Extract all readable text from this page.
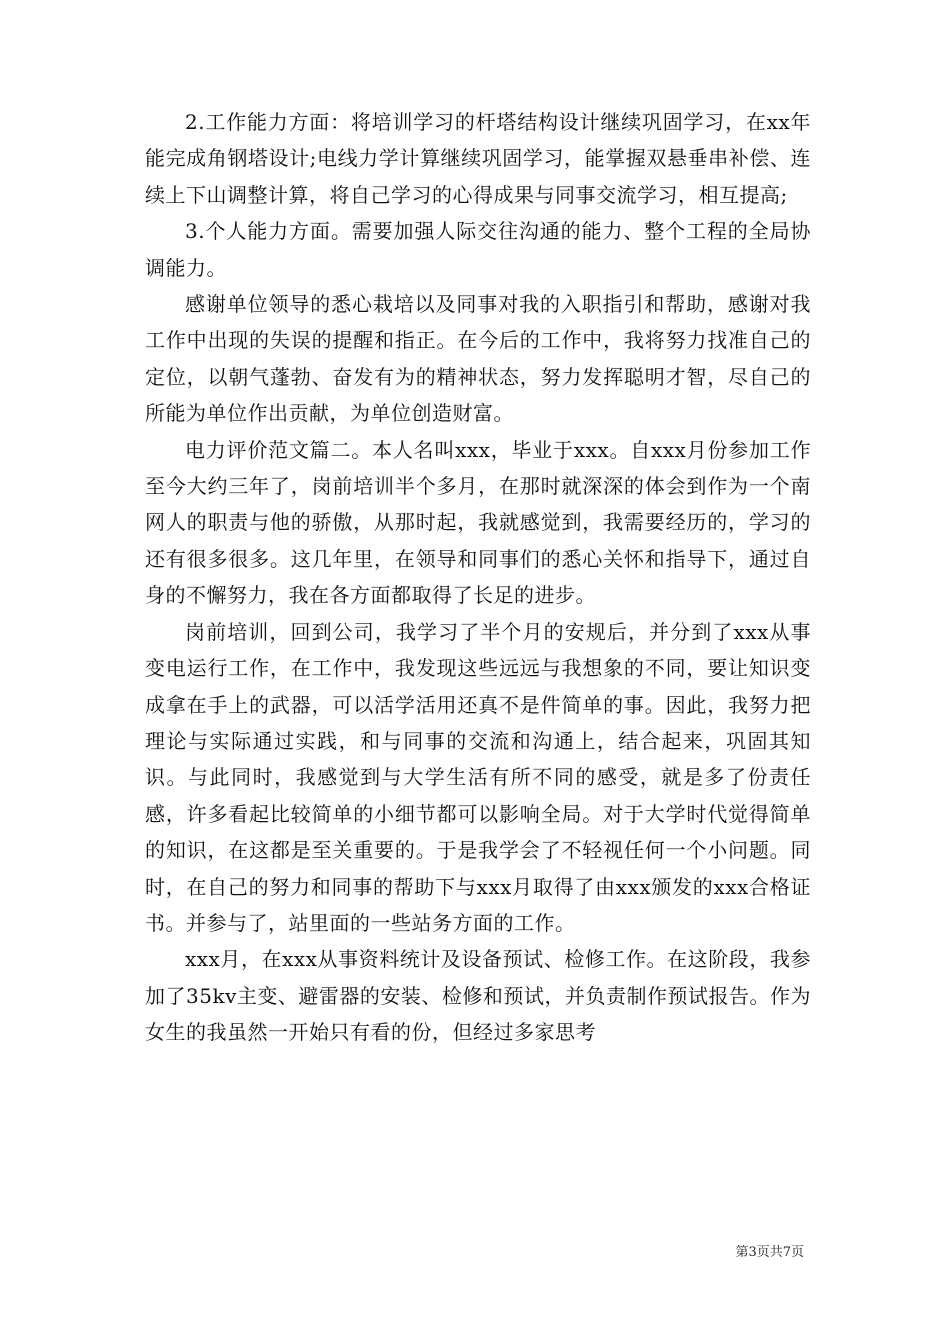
2.工作能力方面：将培训学习的杆塔结构设计继续巩固学习，在xx年能完成角钢塔设计;电线力学计算继续巩固学习，能掌握双悬垂串补偿、连续上下山调整计算，将自己学习的心得成果与同事交流学习，相互提高;

3.个人能力方面。需要加强人际交往沟通的能力、整个工程的全局协调能力。

感谢单位领导的悉心栽培以及同事对我的入职指引和帮助，感谢对我工作中出现的失误的提醒和指正。在今后的工作中，我将努力找准自己的定位，以朝气蓬勃、奋发有为的精神状态，努力发挥聪明才智，尽自己的所能为单位作出贡献，为单位创造财富。

电力评价范文篇二。本人名叫xxx，毕业于xxx。自xxx月份参加工作至今大约三年了，岗前培训半个多月，在那时就深深的体会到作为一个南网人的职责与他的骄傲，从那时起，我就感觉到，我需要经历的，学习的还有很多很多。这几年里，在领导和同事们的悉心关怀和指导下，通过自身的不懈努力，我在各方面都取得了长足的进步。

岗前培训，回到公司，我学习了半个月的安规后，并分到了xxx从事变电运行工作，在工作中，我发现这些远远与我想象的不同，要让知识变成拿在手上的武器，可以活学活用还真不是件简单的事。因此，我努力把理论与实际通过实践，和与同事的交流和沟通上，结合起来，巩固其知识。与此同时，我感觉到与大学生活有所不同的感受，就是多了份责任感，许多看起比较简单的小细节都可以影响全局。对于大学时代觉得简单的知识，在这都是至关重要的。于是我学会了不轻视任何一个小问题。同时，在自己的努力和同事的帮助下与xxx月取得了由xxx颁发的xxx合格证书。并参与了，站里面的一些站务方面的工作。

xxx月，在xxx从事资料统计及设备预试、检修工作。在这阶段，我参加了35kv主变、避雷器的安装、检修和预试，并负责制作预试报告。作为女生的我虽然一开始只有看的份，但经过多家思考

第3页共7页
